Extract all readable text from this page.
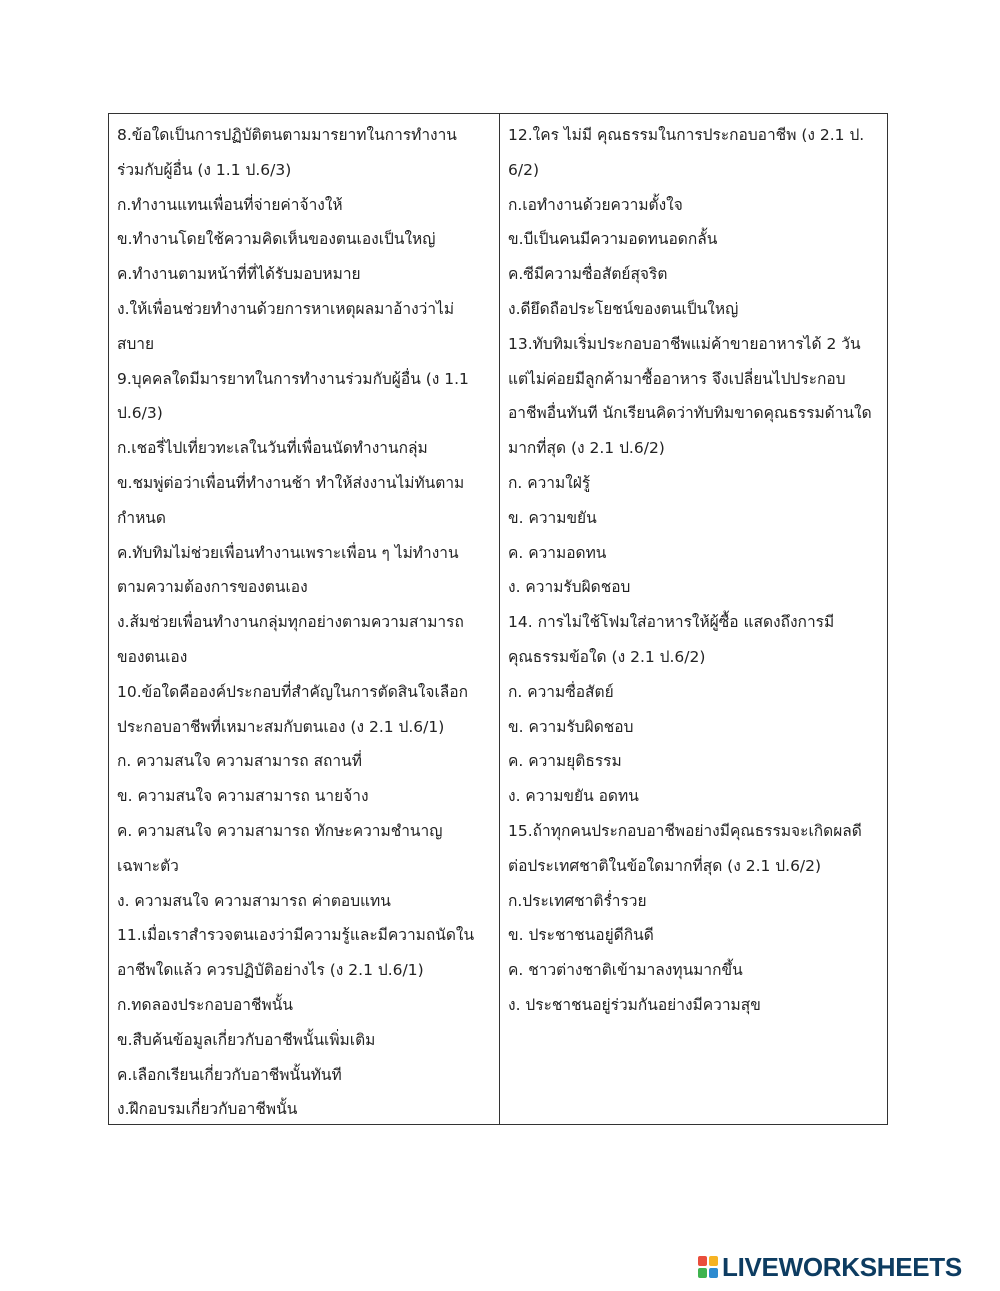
8.ข้อใดเป็นการปฏิบัติตนตามมารยาทในการทำงาน
ร่วมกับผู้อื่น (ง 1.1 ป.6/3)
ก.ทำงานแทนเพื่อนที่จ่ายค่าจ้างให้
ข.ทำงานโดยใช้ความคิดเห็นของตนเองเป็นใหญ่
ค.ทำงานตามหน้าที่ที่ได้รับมอบหมาย
ง.ให้เพื่อนช่วยทำงานด้วยการหาเหตุผลมาอ้างว่าไม่
สบาย
9.บุคคลใดมีมารยาทในการทำงานร่วมกับผู้อื่น (ง 1.1
ป.6/3)
ก.เชอรี่ไปเที่ยวทะเลในวันที่เพื่อนนัดทำงานกลุ่ม
ข.ชมพู่ต่อว่าเพื่อนที่ทำงานช้า ทำให้ส่งงานไม่ทันตาม
กำหนด
ค.ทับทิมไม่ช่วยเพื่อนทำงานเพราะเพื่อน ๆ ไม่ทำงาน
ตามความต้องการของตนเอง
ง.ส้มช่วยเพื่อนทำงานกลุ่มทุกอย่างตามความสามารถ
ของตนเอง
10.ข้อใดคือองค์ประกอบที่สำคัญในการตัดสินใจเลือก
ประกอบอาชีพที่เหมาะสมกับตนเอง (ง 2.1 ป.6/1)
ก. ความสนใจ ความสามารถ สถานที่
ข. ความสนใจ ความสามารถ นายจ้าง
ค. ความสนใจ ความสามารถ ทักษะความชำนาญ
เฉพาะตัว
ง. ความสนใจ ความสามารถ ค่าตอบแทน
11.เมื่อเราสำรวจตนเองว่ามีความรู้และมีความถนัดใน
อาชีพใดแล้ว ควรปฏิบัติอย่างไร (ง 2.1 ป.6/1)
ก.ทดลองประกอบอาชีพนั้น
ข.สืบค้นข้อมูลเกี่ยวกับอาชีพนั้นเพิ่มเติม
ค.เลือกเรียนเกี่ยวกับอาชีพนั้นทันที
ง.ฝึกอบรมเกี่ยวกับอาชีพนั้น
12.ใคร ไม่มี คุณธรรมในการประกอบอาชีพ (ง 2.1 ป.
6/2)
ก.เอทำงานด้วยความตั้งใจ
ข.บีเป็นคนมีความอดทนอดกลั้น
ค.ซีมีความซื่อสัตย์สุจริต
ง.ดียึดถือประโยชน์ของตนเป็นใหญ่
13.ทับทิมเริ่มประกอบอาชีพแม่ค้าขายอาหารได้ 2 วัน
แต่ไม่ค่อยมีลูกค้ามาซื้ออาหาร จึงเปลี่ยนไปประกอบ
อาชีพอื่นทันที นักเรียนคิดว่าทับทิมขาดคุณธรรมด้านใด
มากที่สุด (ง 2.1 ป.6/2)
ก. ความใฝ่รู้
ข. ความขยัน
ค. ความอดทน
ง. ความรับผิดชอบ
14. การไม่ใช้โฟมใส่อาหารให้ผู้ซื้อ แสดงถึงการมี
คุณธรรมข้อใด (ง 2.1 ป.6/2)
ก. ความซื่อสัตย์
ข. ความรับผิดชอบ
ค. ความยุติธรรม
ง. ความขยัน อดทน
15.ถ้าทุกคนประกอบอาชีพอย่างมีคุณธรรมจะเกิดผลดี
ต่อประเทศชาติในข้อใดมากที่สุด (ง 2.1 ป.6/2)
ก.ประเทศชาติร่ำรวย
ข. ประชาชนอยู่ดีกินดี
ค. ชาวต่างชาติเข้ามาลงทุนมากขึ้น
ง. ประชาชนอยู่ร่วมกันอย่างมีความสุข
LIVEWORKSHEETS
